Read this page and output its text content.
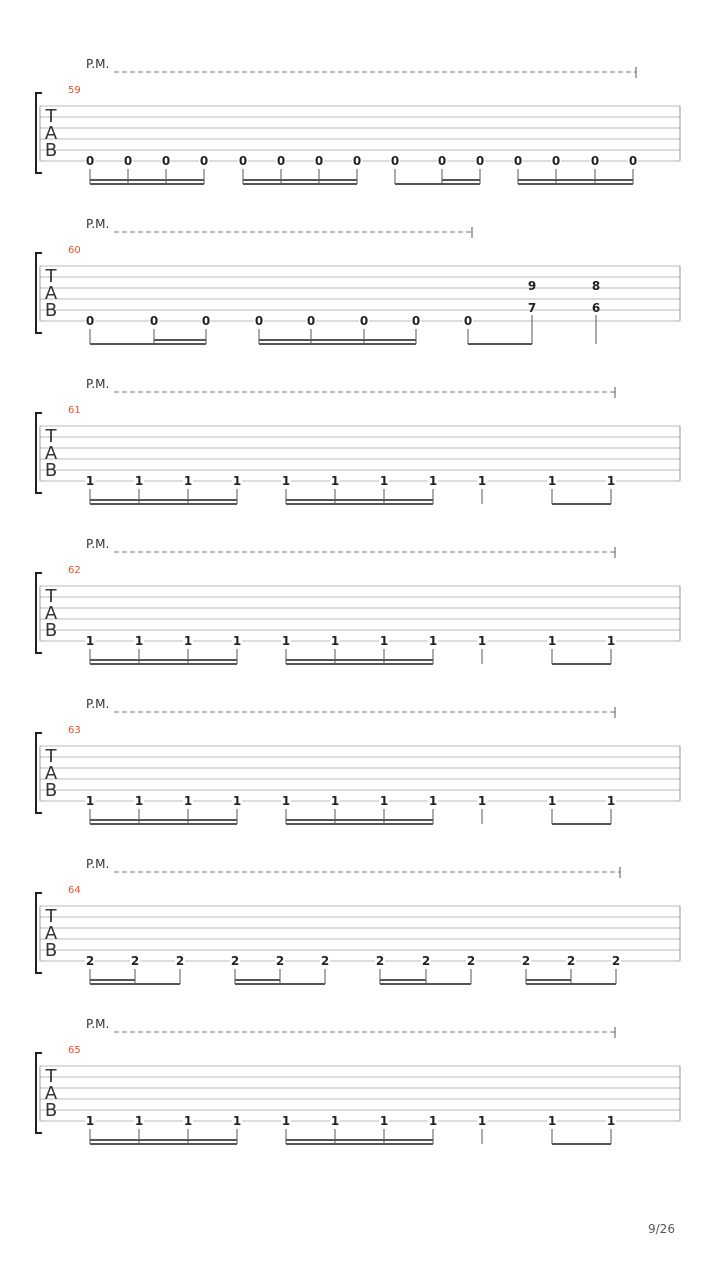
P.M.
59
T
A
B 0 0 0 0	0 0 0 0 0	0 0 0 0	0 0
P.M.
60
T
A
B 0	0	0	0	0	0	0	0
9
7
8
6
P.M.
61
T
A
B 1	1	1	1	1	1	1	1	1	1	1
P.M.
62
T
A
B 1	1	1	1	1	1	1	1	1	1	1
P.M.
63
T
A
B 1	1	1	1	1	1	1	1	1	1	1
P.M.
64
T
A
B 2	2	2	2	2	2	2	2	2	2	2	2
P.M.
65
T
A
B 1	1	1	1	1	1	1	1	1	1	1
9/26
